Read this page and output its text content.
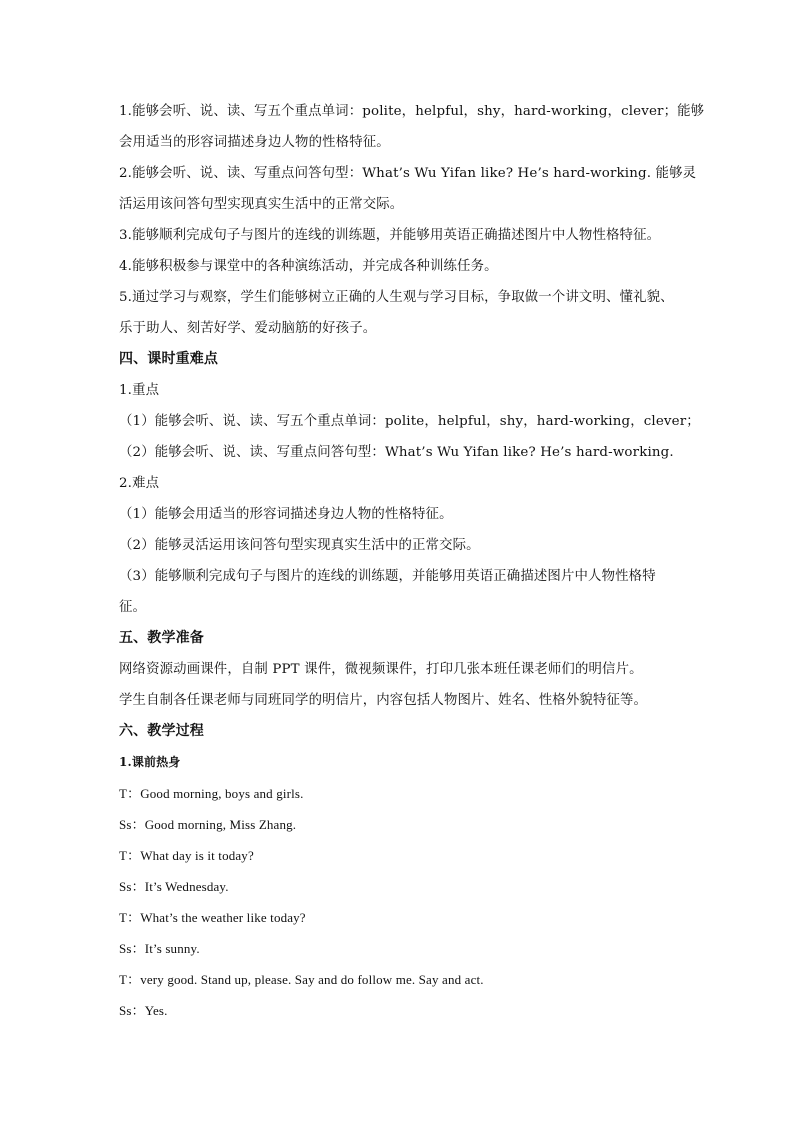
1.能够会听、说、读、写五个重点单词：polite，helpful，shy，hard-working，clever；能够
会用适当的形容词描述身边人物的性格特征。
2.能够会听、说、读、写重点问答句型：What’s Wu Yifan like? He’s hard-working. 能够灵
活运用该问答句型实现真实生活中的正常交际。
3.能够顺利完成句子与图片的连线的训练题，并能够用英语正确描述图片中人物性格特征。
4.能够积极参与课堂中的各种演练活动，并完成各种训练任务。
5.通过学习与观察，学生们能够树立正确的人生观与学习目标，争取做一个讲文明、懂礼貌、
乐于助人、刻苦好学、爱动脑筋的好孩子。
四、课时重难点
1.重点
（1）能够会听、说、读、写五个重点单词：polite，helpful，shy，hard-working，clever；
（2）能够会听、说、读、写重点问答句型：What’s Wu Yifan like? He’s hard-working.
2.难点
（1）能够会用适当的形容词描述身边人物的性格特征。
（2）能够灵活运用该问答句型实现真实生活中的正常交际。
（3）能够顺利完成句子与图片的连线的训练题，并能够用英语正确描述图片中人物性格特
征。
五、教学准备
网络资源动画课件，自制 PPT 课件，微视频课件，打印几张本班任课老师们的明信片。
学生自制各任课老师与同班同学的明信片，内容包括人物图片、姓名、性格外貌特征等。
六、教学过程
1.课前热身
T：Good morning, boys and girls.
Ss：Good morning, Miss Zhang.
T：What day is it today?
Ss：It’s Wednesday.
T：What’s the weather like today?
Ss：It’s sunny.
T：very good. Stand up, please. Say and do follow me. Say and act.
Ss：Yes.
